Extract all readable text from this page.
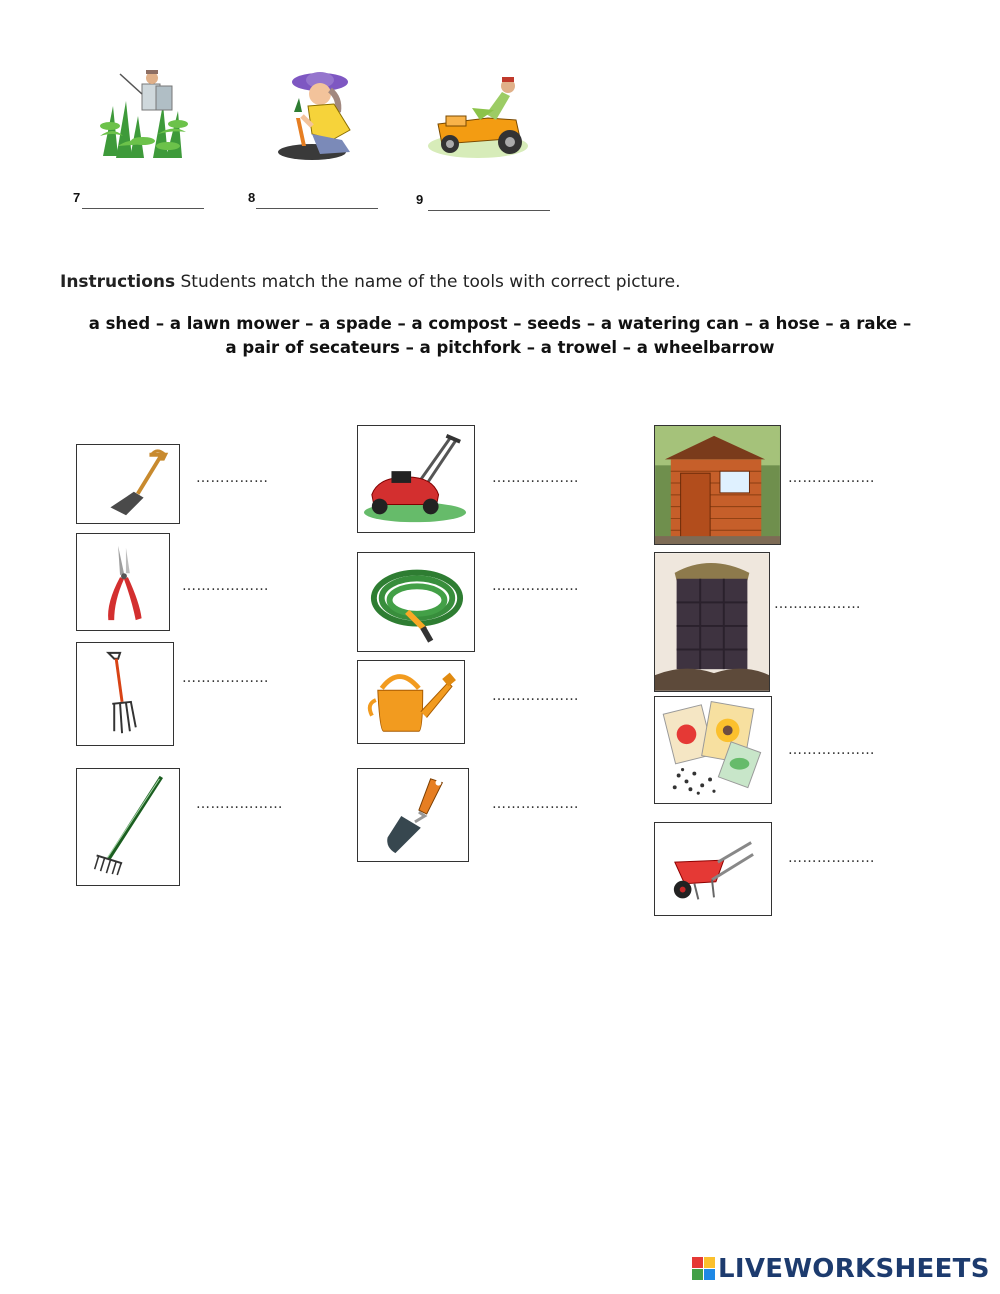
7	8	9
Instructions Students match the name of the tools with correct picture.
a shed – a lawn mower – a spade – a compost – seeds – a watering can – a hose – a rake –
a pair of secateurs – a pitchfork – a trowel – a wheelbarrow
……………
………………
………………
………………
………………
………………
………………
………………
………………
………………
………………
………………
LIVEWORKSHEETS
